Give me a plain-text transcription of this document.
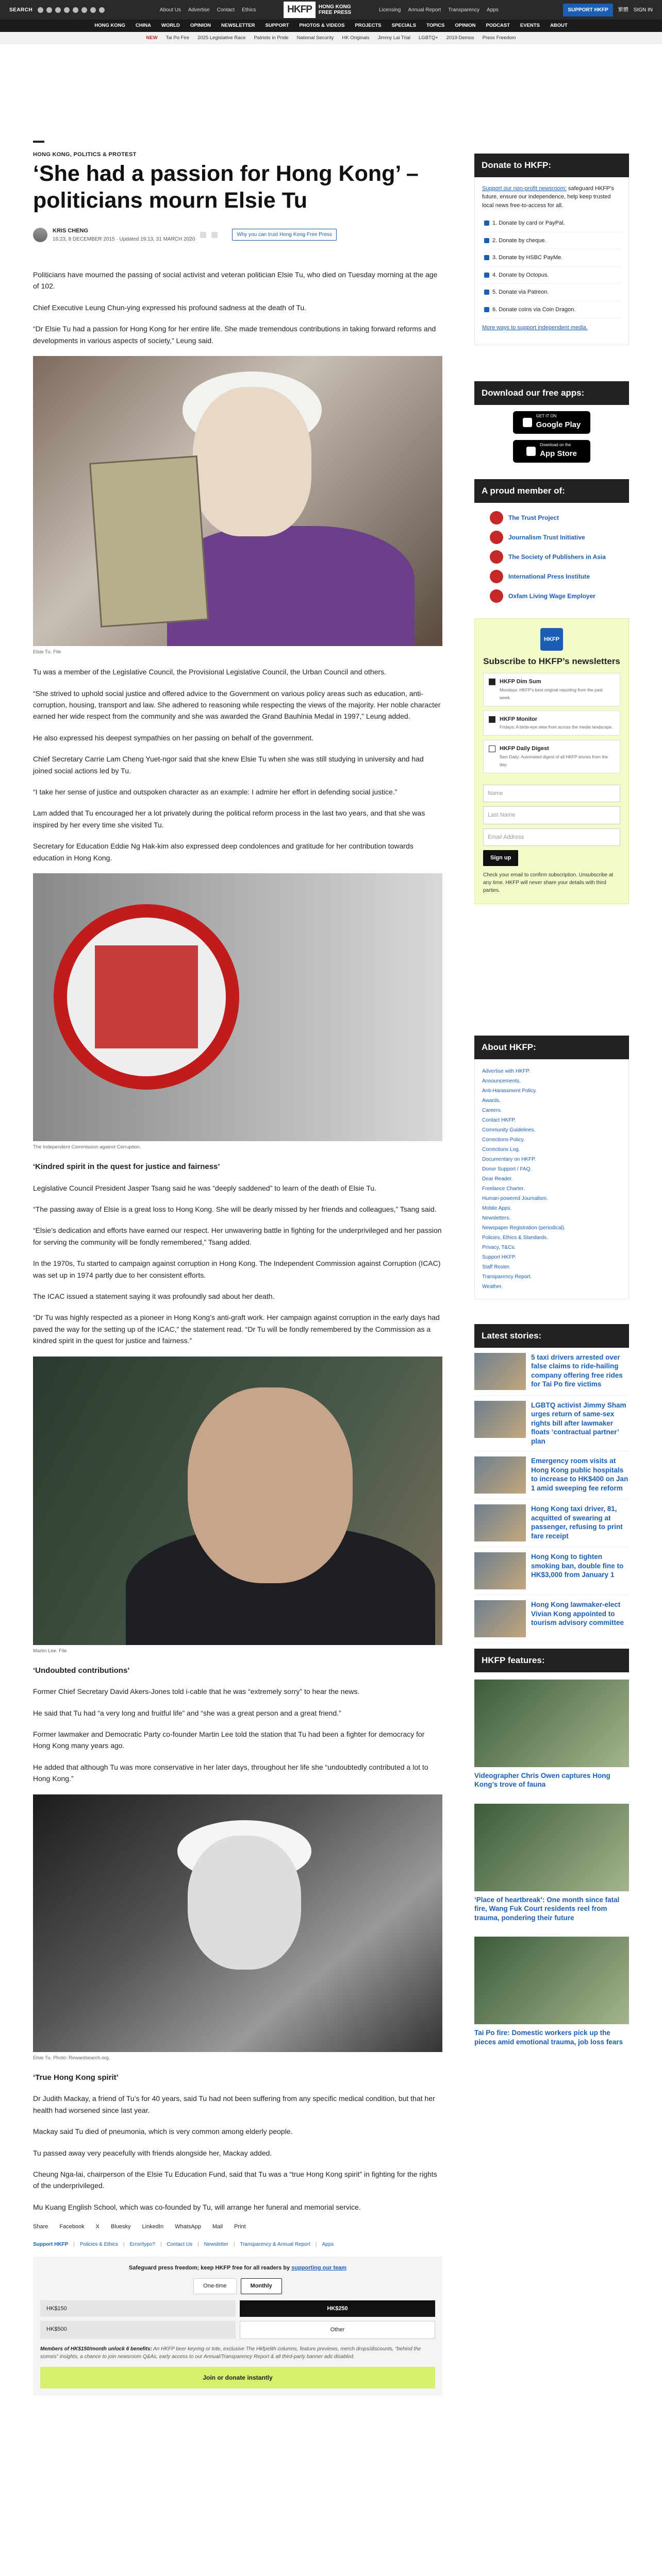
SEARCH	About Us Advertise Contact Ethics	HKFP	HONG KONG FREE PRESS	Licensing Annual Report Transparency Apps	SUPPORT HKFP	繁體 SIGN IN
HONG KONG CHINA WORLD OPINION NEWSLETTER SUPPORT PHOTOS & VIDEOS PROJECTS SPECIALS TOPICS OPINION PODCAST EVENTS ABOUT
NEW Tai Po Fire 2025 Legislative Race Patriots in Pride National Security HK Originals Jimmy Lai Trial LGBTQ+ 2019 Demos Press Freedom
HONG KONG, POLITICS & PROTEST
‘She had a passion for Hong Kong’ – politicians mourn Elsie Tu
KRIS CHENG
16:23, 8 DECEMBER 2015 · Updated 19:13, 31 MARCH 2020
Why you can trust Hong Kong Free Press

Politicians have mourned the passing of social activist and veteran politician Elsie Tu, who died on Tuesday morning at the age of 102.

Chief Executive Leung Chun-ying expressed his profound sadness at the death of Tu.

“Dr Elsie Tu had a passion for Hong Kong for her entire life. She made tremendous contributions in taking forward reforms and developments in various aspects of society,” Leung said.

Elsie Tu. File

Tu was a member of the Legislative Council, the Provisional Legislative Council, the Urban Council and others.

“She strived to uphold social justice and offered advice to the Government on various policy areas such as education, anti-corruption, housing, transport and law. She adhered to reasoning while respecting the views of the majority. Her noble character earned her wide respect from the community and she was awarded the Grand Bauhinia Medal in 1997,” Leung added.

He also expressed his deepest sympathies on her passing on behalf of the government.

Chief Secretary Carrie Lam Cheng Yuet-ngor said that she knew Elsie Tu when she was still studying in university and had joined social actions led by Tu.

“I take her sense of justice and outspoken character as an example: I admire her effort in defending social justice.”

Lam added that Tu encouraged her a lot privately during the political reform process in the last two years, and that she was inspired by her every time she visited Tu.

Secretary for Education Eddie Ng Hak-kim also expressed deep condolences and gratitude for her contribution towards education in Hong Kong.

The Independent Commission against Corruption.
‘Kindred spirit in the quest for justice and fairness’

Legislative Council President Jasper Tsang said he was “deeply saddened” to learn of the death of Elsie Tu.

“The passing away of Elsie is a great loss to Hong Kong. She will be dearly missed by her friends and colleagues,” Tsang said.

“Elsie’s dedication and efforts have earned our respect. Her unwavering battle in fighting for the underprivileged and her passion for serving the community will be fondly remembered,” Tsang added.

In the 1970s, Tu started to campaign against corruption in Hong Kong. The Independent Commission against Corruption (ICAC) was set up in 1974 partly due to her consistent efforts.

The ICAC issued a statement saying it was profoundly sad about her death.

“Dr Tu was highly respected as a pioneer in Hong Kong’s anti-graft work. Her campaign against corruption in the early days had paved the way for the setting up of the ICAC,” the statement read. “Dr Tu will be fondly remembered by the Commission as a kindred spirit in the quest for justice and fairness.”

Martin Lee. File
‘Undoubted contributions’

Former Chief Secretary David Akers-Jones told i-cable that he was “extremely sorry” to hear the news.

He said that Tu had “a very long and fruitful life” and “she was a great person and a great friend.”

Former lawmaker and Democratic Party co-founder Martin Lee told the station that Tu had been a fighter for democracy for Hong Kong many years ago.

He added that although Tu was more conservative in her later days, throughout her life she “undoubtedly contributed a lot to Hong Kong.”

Elsie Tu. Photo: Rewardsearch.org.
‘True Hong Kong spirit’

Dr Judith Mackay, a friend of Tu’s for 40 years, said Tu had not been suffering from any specific medical condition, but that her health had worsened since last year.

Mackay said Tu died of pneumonia, which is very common among elderly people.

Tu passed away very peacefully with friends alongside her, Mackay added.

Cheung Nga-lai, chairperson of the Elsie Tu Education Fund, said that Tu was a “true Hong Kong spirit” in fighting for the rights of the underprivileged.

Mu Kuang English School, which was co-founded by Tu, will arrange her funeral and memorial service.

Share Facebook X Bluesky LinkedIn WhatsApp Mail Print
Support HKFP | Policies & Ethics | Error/typo? | Contact Us | Newsletter | Transparency & Annual Report | Apps
Safeguard press freedom; keep HKFP free for all readers by supporting our team
One-time	Monthly
HK$150	HK$250
HK$500	Other
Members of HK$150/month unlock 6 benefits: An HKFP beer keyring or tote, exclusive The Hkfpelith columns, feature previews, merch drops/discounts, “behind the scenes” insights, a chance to join newsroom Q&As, early access to our Annual/Transparency Report & all third-party banner ads disabled.
Join or donate instantly
Donate to HKFP:

Support our non-profit newsroom: safeguard HKFP’s future, ensure our independence, help keep trusted local news free-to-access for all.

1. Donate by card or PayPal.
2. Donate by cheque.
3. Donate by HSBC PayMe.
4. Donate by Octopus.
5. Donate via Patreon.
6. Donate coins via Coin Dragon.

More ways to support independent media.

Download our free apps:
GET IT ON
Google Play
Download on the
App Store
A proud member of:
The Trust Project
Journalism Trust Initiative
The Society of Publishers in Asia
International Press Institute
Oxfam Living Wage Employer
HKFP
Subscribe to HKFP’s newsletters
HKFP Dim Sum
Mondays: HKFP’s best original reporting from the past week.
HKFP Monitor
Fridays: A birds-eye view from across the media landscape.
HKFP Daily Digest
9am Daily: Automated digest of all HKFP stories from the day.
Name
Last Name
Email Address
Sign up
Check your email to confirm subscription. Unsubscribe at any time. HKFP will never share your details with third parties.
About HKFP:
Advertise with HKFP.
Announcements.
Anti-Harassment Policy.
Awards.
Careers.
Contact HKFP.
Community Guidelines.
Corrections Policy.
Corrections Log.
Documentary on HKFP.
Donor Support / FAQ.
Dear Reader.
Freelance Charter.
Human-powered Journalism.
Mobile Apps.
Newsletters.
Newspaper Registration (periodical).
Policies, Ethics & Standards.
Privacy, T&Cs.
Support HKFP.
Staff Roster.
Transparency Report.
Weather.
Latest stories:
5 taxi drivers arrested over false claims to ride-hailing company offering free rides for Tai Po fire victims
LGBTQ activist Jimmy Sham urges return of same-sex rights bill after lawmaker floats ‘contractual partner’ plan
Emergency room visits at Hong Kong public hospitals to increase to HK$400 on Jan 1 amid sweeping fee reform
Hong Kong taxi driver, 81, acquitted of swearing at passenger, refusing to print fare receipt
Hong Kong to tighten smoking ban, double fine to HK$3,000 from January 1
Hong Kong lawmaker-elect Vivian Kong appointed to tourism advisory committee
HKFP features:
Videographer Chris Owen captures Hong Kong’s trove of fauna
‘Place of heartbreak’: One month since fatal fire, Wang Fuk Court residents reel from trauma, pondering their future
Tai Po fire: Domestic workers pick up the pieces amid emotional trauma, job loss fears
